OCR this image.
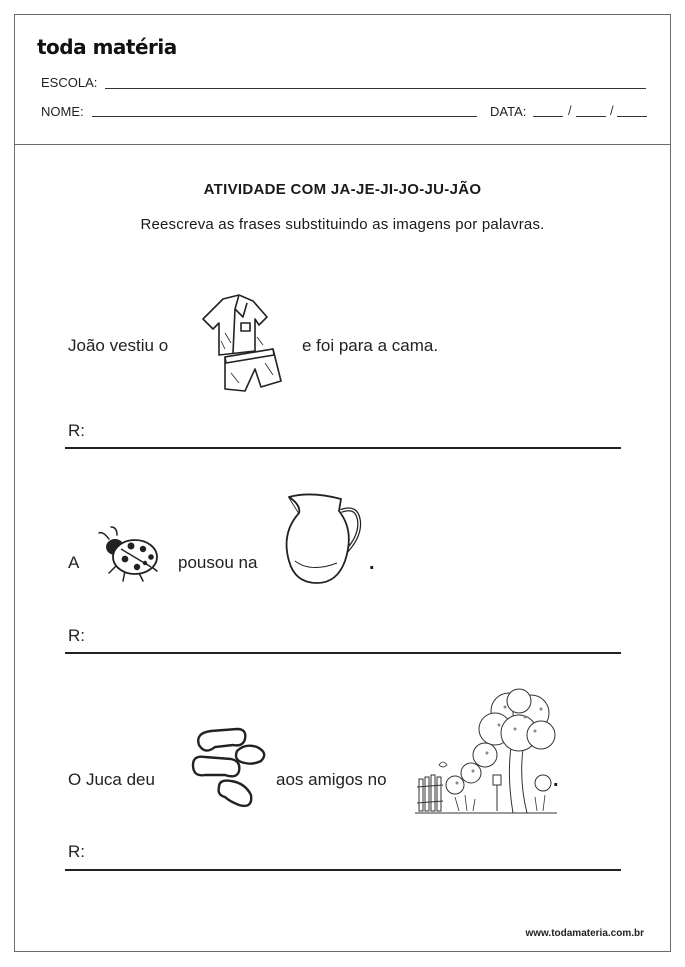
toda matéria
ESCOLA:
NOME:	DATA:	/	/
ATIVIDADE COM JA-JE-JI-JO-JU-JÃO
Reescreva as frases substituindo as imagens por palavras.
João vestiu o	e foi para a cama.
R:
A	pousou na	.
R:
O Juca deu	aos amigos no	.
R:
www.todamateria.com.br
